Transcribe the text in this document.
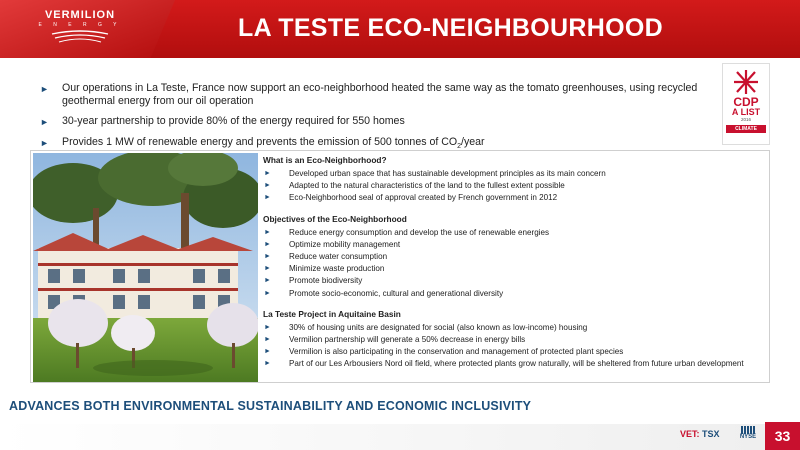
VERMILION
E N E R G Y	LA TESTE ECO-NEIGHBOURHOOD
► Our operations in La Teste, France now support an eco-neighborhood heated the same way as the tomato greenhouses, using recycled geothermal energy from our oil operation
► 30-year partnership to provide 80% of the energy required for 550 homes
► Provides 1 MW of renewable energy and prevents the emission of 500 tonnes of $CO_2$/year
CDP
A LIST
2016
CLIMATE
What is an Eco-Neighborhood?
► Developed urban space that has sustainable development principles as its main concern
► Adapted to the natural characteristics of the land to the fullest extent possible
► Eco-Neighborhood seal of approval created by French government in 2012
Objectives of the Eco-Neighborhood
► Reduce energy consumption and develop the use of renewable energies
► Optimize mobility management
► Reduce water consumption
► Minimize waste production
► Promote biodiversity
► Promote socio-economic, cultural and generational diversity
La Teste Project in Aquitaine Basin
► 30% of housing units are designated for social (also known as low-income) housing
► Vermilion partnership will generate a 50% decrease in energy bills
► Vermilion is also participating in the conservation and management of protected plant species
► Part of our Les Arbousiers Nord oil field, where protected plants grow naturally, will be sheltered from future urban development
ADVANCES BOTH ENVIRONMENTAL SUSTAINABILITY AND ECONOMIC INCLUSIVITY
VET: TSX	NYSE	33
